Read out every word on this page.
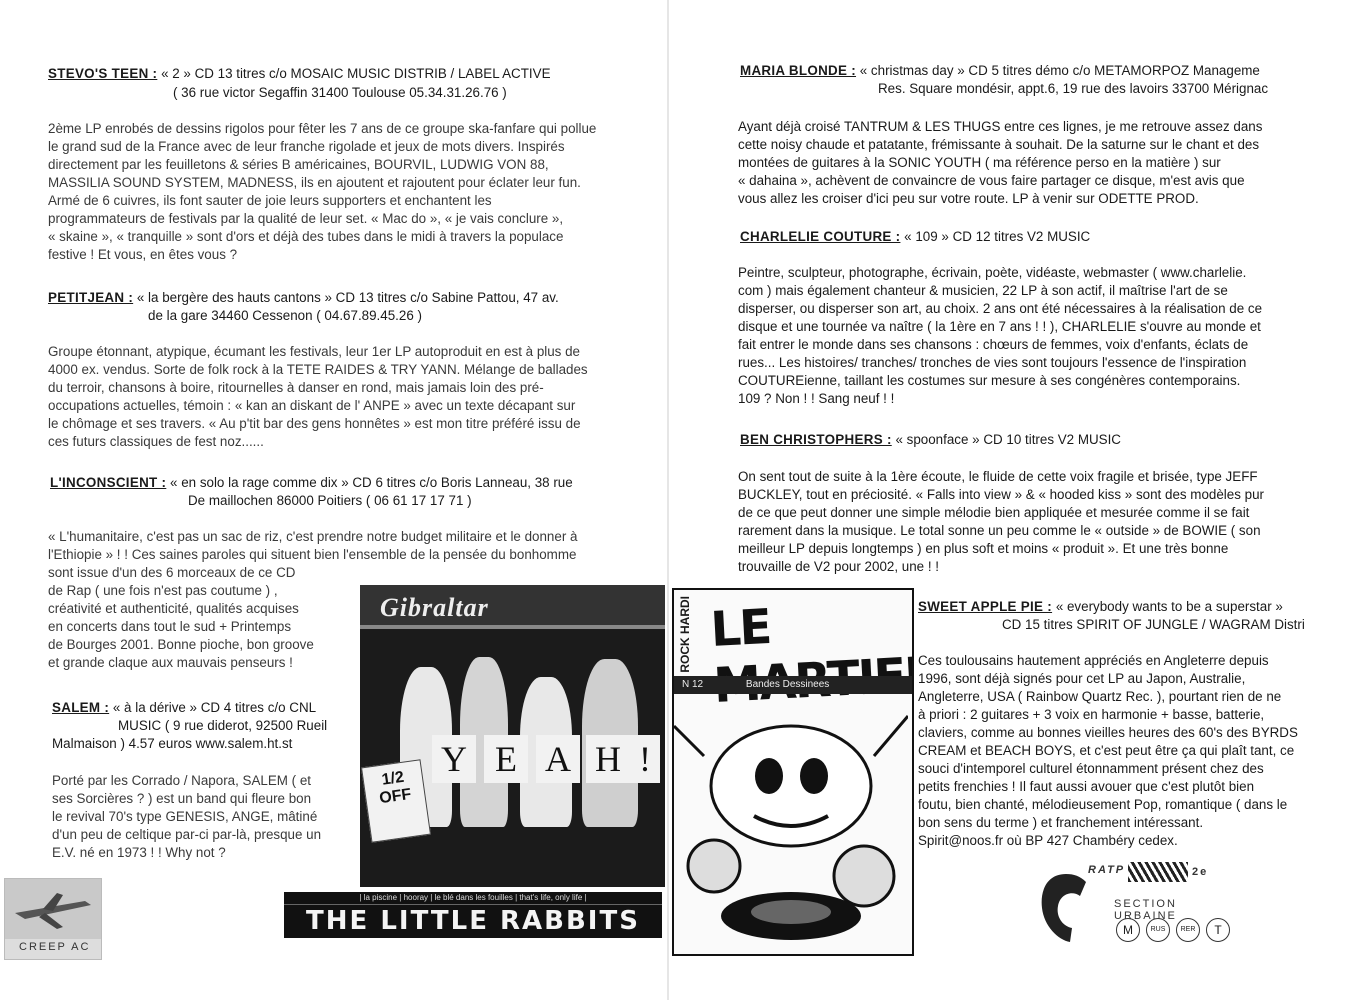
STEVO'S TEEN : « 2 » CD 13 titres c/o MOSAIC MUSIC DISTRIB / LABEL ACTIVE
( 36 rue victor Segaffin 31400 Toulouse 05.34.31.26.76 )
2ème LP enrobés de dessins rigolos pour fêter les 7 ans de ce groupe ska-fanfare qui pollue
le grand sud de la France avec de leur franche rigolade et jeux de mots divers. Inspirés
directement par les feuilletons & séries B américaines, BOURVIL, LUDWIG VON 88,
MASSILIA SOUND SYSTEM, MADNESS, ils en ajoutent et rajoutent pour éclater leur fun.
Armé de 6 cuivres, ils font sauter de joie leurs supporters et enchantent les
programmateurs de festivals par la qualité de leur set. « Mac do », « je vais conclure »,
« skaine », « tranquille » sont d'ors et déjà des tubes dans le midi à travers la populace
festive ! Et vous, en êtes vous ?
PETITJEAN : « la bergère des hauts cantons » CD 13 titres c/o Sabine Pattou, 47 av.
de la gare 34460 Cessenon ( 04.67.89.45.26 )
Groupe étonnant, atypique, écumant les festivals, leur 1er LP autoproduit en est à plus de
4000 ex. vendus. Sorte de folk rock à la TETE RAIDES & TRY YANN. Mélange de ballades
du terroir, chansons à boire, ritournelles à danser en rond, mais jamais loin des pré-
occupations actuelles, témoin : « kan an diskant de l' ANPE » avec un texte décapant sur
le chômage et ses travers. « Au p'tit bar des gens honnêtes » est mon titre préféré issu de
ces futurs classiques de fest noz......
L'INCONSCIENT : « en solo la rage comme dix » CD 6 titres c/o Boris Lanneau, 38 rue
De maillochen 86000 Poitiers ( 06 61 17 17 71 )
« L'humanitaire, c'est pas un sac de riz, c'est prendre notre budget militaire et le donner à
l'Ethiopie » ! ! Ces saines paroles qui situent bien l'ensemble de la pensée du bonhomme
sont issue d'un des 6 morceaux de ce CD
de Rap ( une fois n'est pas coutume ) ,
créativité et authenticité, qualités acquises
en concerts dans tout le sud + Printemps
de Bourges 2001. Bonne pioche, bon groove
et grande claque aux mauvais penseurs !
SALEM : « à la dérive » CD 4 titres c/o CNL
MUSIC ( 9 rue diderot, 92500 Rueil
Malmaison ) 4.57 euros www.salem.ht.st
Porté par les Corrado / Napora, SALEM ( et
ses Sorcières ? ) est un band qui fleure bon
le revival 70's type GENESIS, ANGE, mâtiné
d'un peu de celtique par-ci par-là, presque un
E.V. né en 1973 ! ! Why not ?
Gibraltar
1/2 OFF
Y E A H !
| la piscine | hooray | le blé dans les fouilles | that's life, only life |
THE LITTLE RABBITS
CREEP AC
MARIA BLONDE : « christmas day » CD 5 titres démo c/o METAMORPOZ Manageme
Res. Square mondésir, appt.6, 19 rue des lavoirs 33700 Mérignac
Ayant déjà croisé TANTRUM & LES THUGS entre ces lignes, je me retrouve assez dans
cette noisy chaude et patatante, frémissante à souhait. De la saturne sur le chant et des
montées de guitares à la SONIC YOUTH ( ma référence perso en la matière ) sur
« dahaina », achèvent de convaincre de vous faire partager ce disque, m'est avis que
vous allez les croiser d'ici peu sur votre route. LP à venir sur ODETTE PROD.
CHARLELIE COUTURE : « 109 » CD 12 titres V2 MUSIC
Peintre, sculpteur, photographe, écrivain, poète, vidéaste, webmaster ( www.charlelie.
com ) mais également chanteur & musicien, 22 LP à son actif, il maîtrise l'art de se
disperser, ou disperser son art, au choix. 2 ans ont été nécessaires à la réalisation de ce
disque et une tournée va naître ( la 1ère en 7 ans ! ! ), CHARLELIE s'ouvre au monde et
fait entrer le monde dans ses chansons : chœurs de femmes, voix d'enfants, éclats de
rues... Les histoires/ tranches/ tronches de vies sont toujours l'essence de l'inspiration
COUTUREienne, taillant les costumes sur mesure à ses congénères contemporains.
109 ? Non ! ! Sang neuf ! !
BEN CHRISTOPHERS : « spoonface » CD 10 titres V2 MUSIC
On sent tout de suite à la 1ère écoute, le fluide de cette voix fragile et brisée, type JEFF
BUCKLEY, tout en préciosité. « Falls into view » & « hooded kiss » sont des modèles pur
de ce que peut donner une simple mélodie bien appliquée et mesurée comme il se fait
rarement dans la musique. Le total sonne un peu comme le « outside » de BOWIE ( son
meilleur LP depuis longtemps ) en plus soft et moins « produit ». Et une très bonne
trouvaille de V2 pour 2002, une ! !
ROCK HARDI LE
N 12	Bandes Dessinees
SWEET APPLE PIE : « everybody wants to be a superstar »
CD 15 titres SPIRIT OF JUNGLE / WAGRAM Distri
Ces toulousains hautement appréciés en Angleterre depuis
1996, sont déjà signés pour cet LP au Japon, Australie,
Angleterre, USA ( Rainbow Quartz Rec. ), pourtant rien de ne
à priori : 2 guitares + 3 voix en harmonie + basse, batterie,
claviers, comme au bonnes vieilles heures des 60's des BYRDS
CREAM et BEACH BOYS, et c'est peut être ça qui plaît tant, ce
souci d'intemporel culturel étonnamment présent chez des
petits frenchies ! Il faut aussi avouer que c'est plutôt bien
foutu, bien chanté, mélodieusement Pop, romantique ( dans le
bon sens du terme ) et franchement intéressant.
Spirit@noos.fr où BP 427 Chambéry cedex.
RATP	2e
SECTION URBAINE
M	RUS	RER	T
